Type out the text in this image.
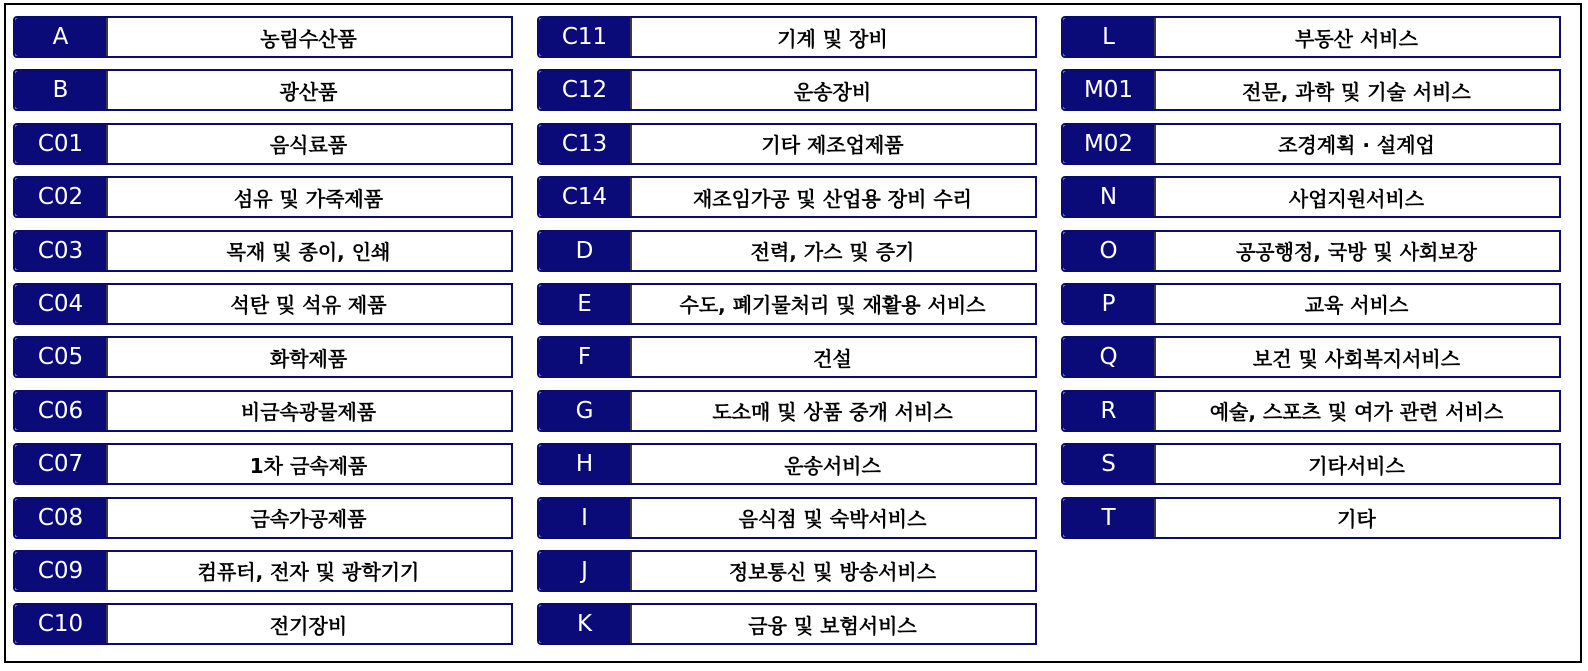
A	농림수산품
B	광산품
C01	음식료품
C02	섬유 및 가죽제품
C03	목재 및 종이, 인쇄
C04	석탄 및 석유 제품
C05	화학제품
C06	비금속광물제품
C07	1차 금속제품
C08	금속가공제품
C09	컴퓨터, 전자 및 광학기기
C10	전기장비
C11	기계 및 장비
C12	운송장비
C13	기타 제조업제품
C14	재조임가공 및 산업용 장비 수리
D	전력, 가스 및 증기
E	수도, 폐기물처리 및 재활용 서비스
F	건설
G	도소매 및 상품 중개 서비스
H	운송서비스
I	음식점 및 숙박서비스
J	정보통신 및 방송서비스
K	금융 및 보험서비스
L	부동산 서비스
M01	전문, 과학 및 기술 서비스
M02	조경계획 · 설계업
N	사업지원서비스
O	공공행정, 국방 및 사회보장
P	교육 서비스
Q	보건 및 사회복지서비스
R	예술, 스포츠 및 여가 관련 서비스
S	기타서비스
T	기타
